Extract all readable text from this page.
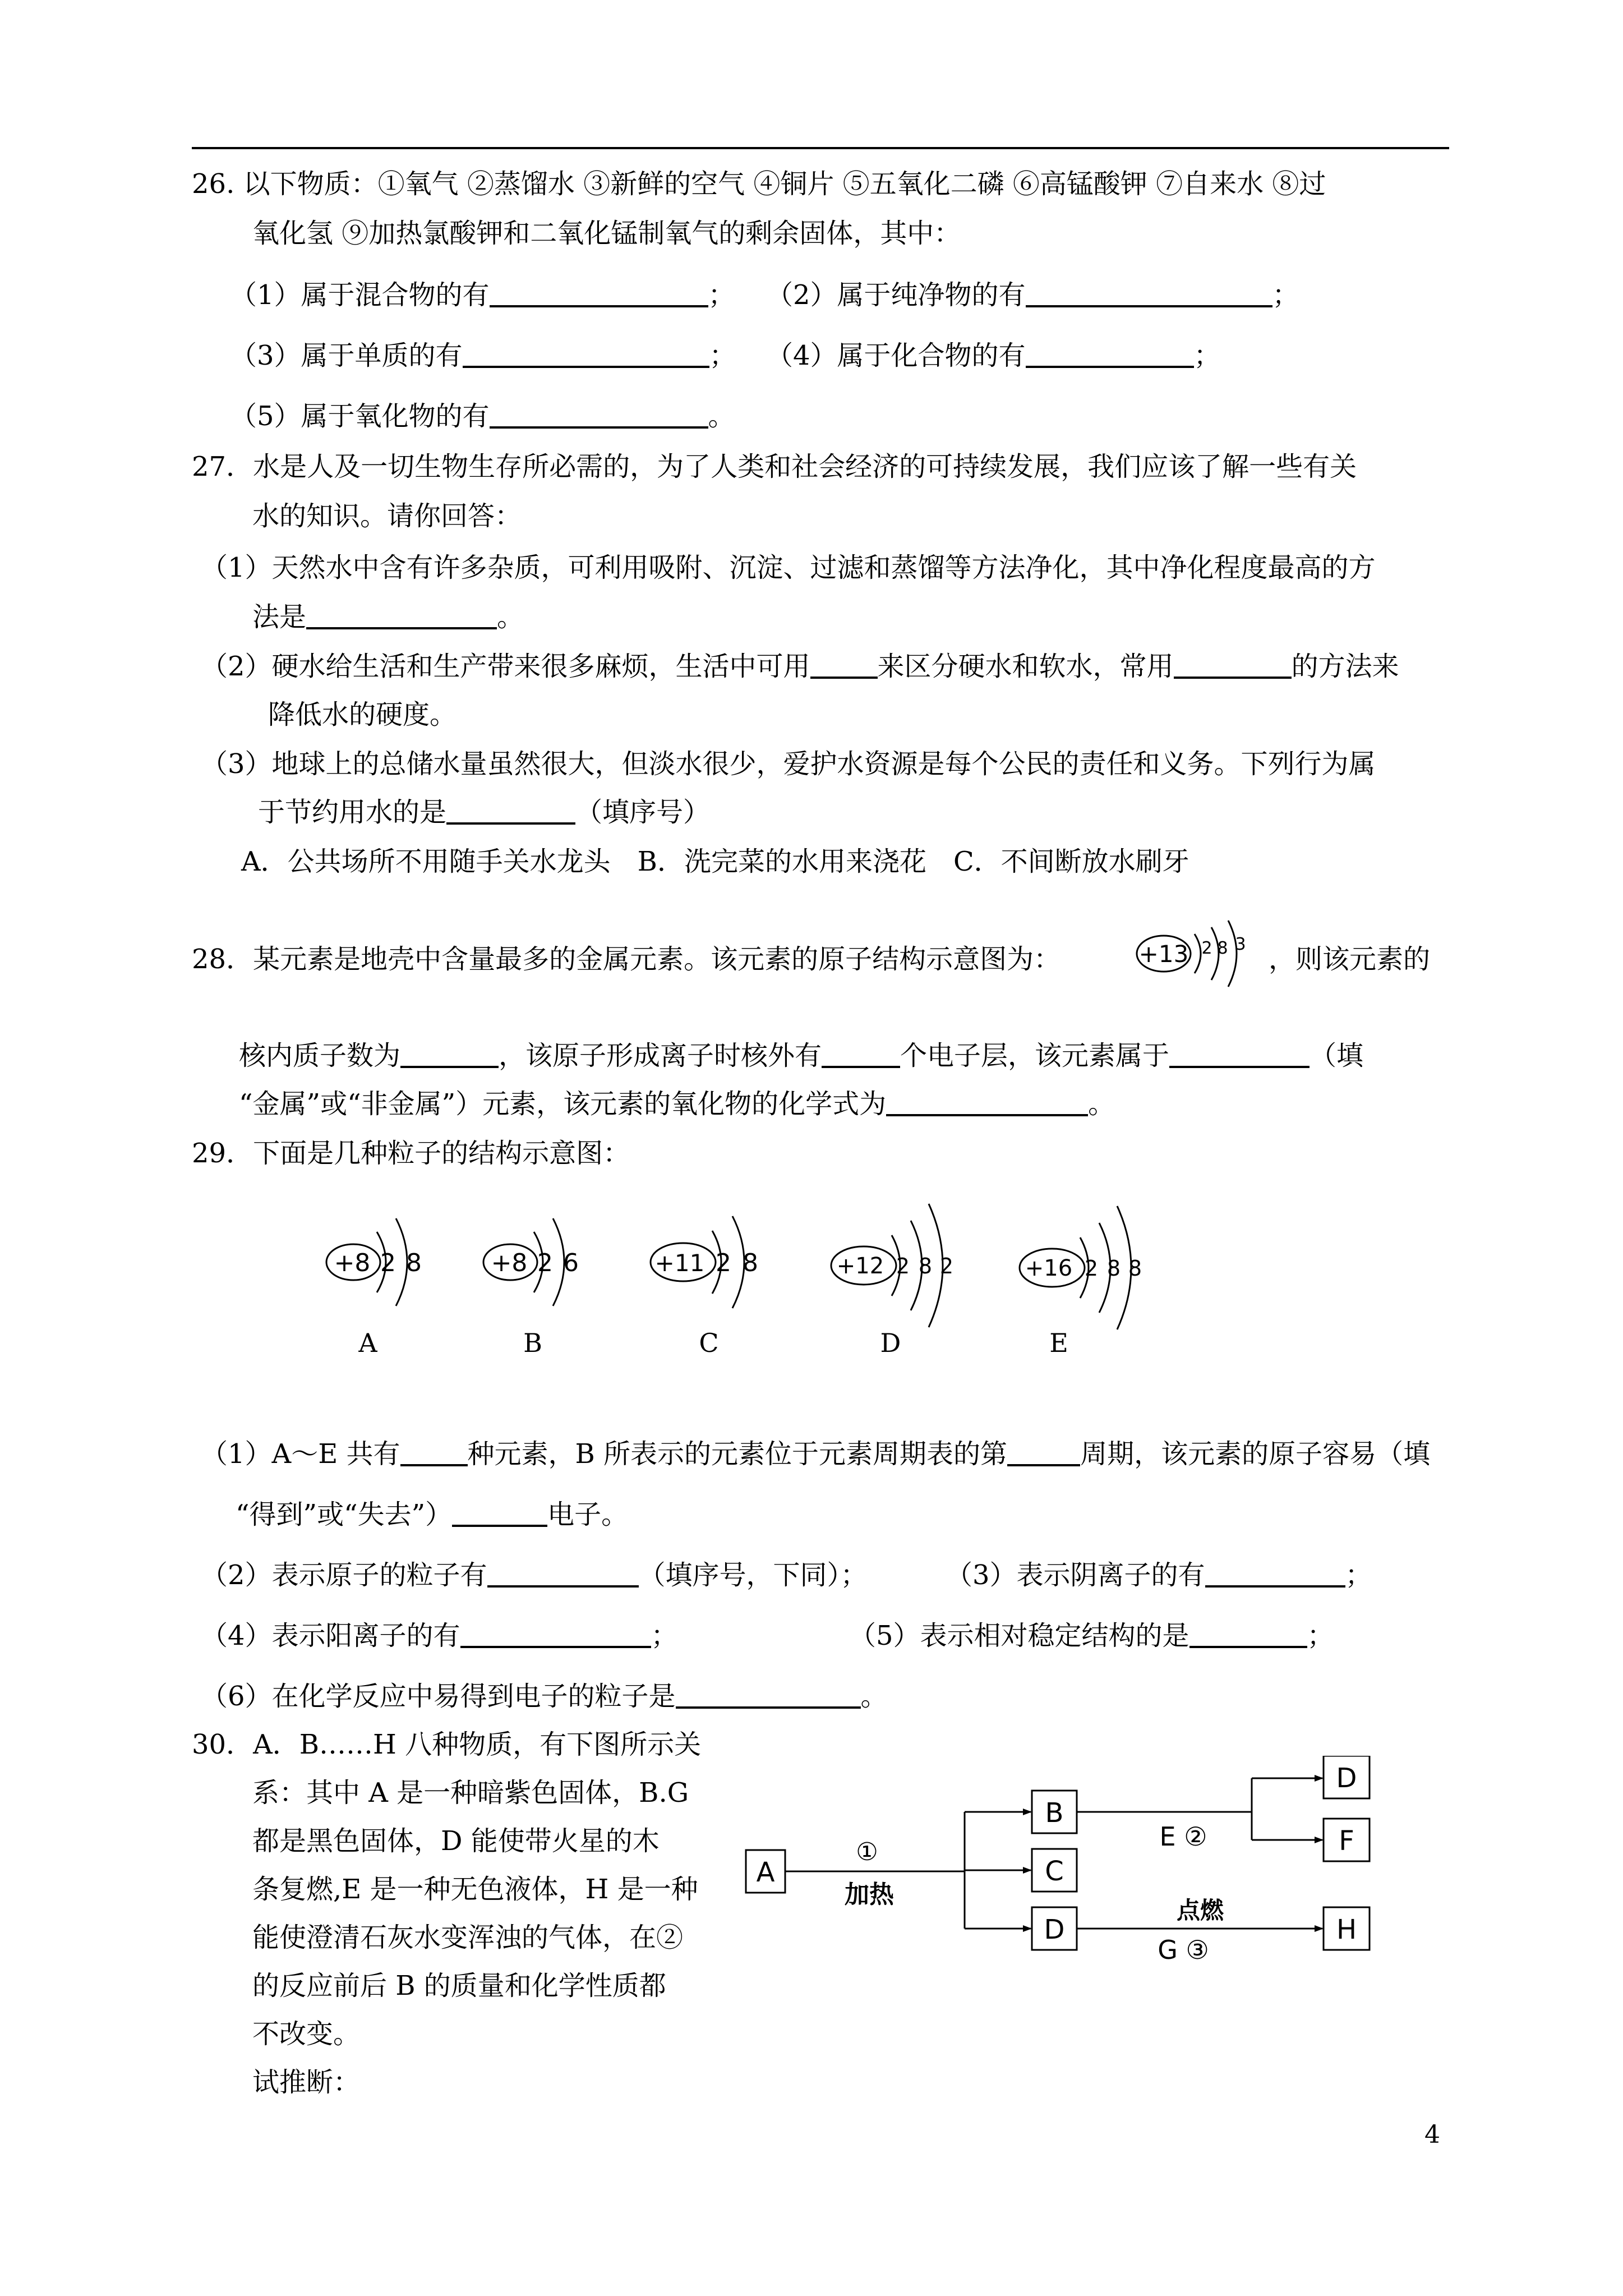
26. 以下物质：①氧气 ②蒸馏水 ③新鲜的空气 ④铜片 ⑤五氧化二磷 ⑥高锰酸钾 ⑦自来水 ⑧过
氧化氢 ⑨加热氯酸钾和二氧化锰制氧气的剩余固体，其中：
（1）属于混合物的有	； （2）属于纯净物的有	；
（3）属于单质的有	； （4）属于化合物的有	；
（5）属于氧化物的有	。
27．水是人及一切生物生存所必需的，为了人类和社会经济的可持续发展，我们应该了解一些有关
水的知识。请你回答：
（1）天然水中含有许多杂质，可利用吸附、沉淀、过滤和蒸馏等方法净化，其中净化程度最高的方
法是	。
（2）硬水给生活和生产带来很多麻烦，生活中可用	来区分硬水和软水，常用	的方法来
降低水的硬度。
（3）地球上的总储水量虽然很大，但淡水很少，爱护水资源是每个公民的责任和义务。下列行为属
于节约用水的是	（填序号）
A．公共场所不用随手关水龙头　B．洗完菜的水用来浇花　C．不间断放水刷牙
28．某元素是地壳中含量最多的金属元素。该元素的原子结构示意图为：	+13 2 8 3 ，则该元素的
核内质子数为	，该原子形成离子时核外有	个电子层，该元素属于	（填
“金属”或“非金属”）元素，该元素的氧化物的化学式为	。
29．下面是几种粒子的结构示意图：
+8 2 8
A
+8 2 6
B
+11 2 8
C
+12 2 8 2
D
+16 2 8 8
E
（1）A～E 共有	种元素，B 所表示的元素位于元素周期表的第	周期，该元素的原子容易（填
“得到”或“失去”）	电子。
（2）表示原子的粒子有	（填序号，下同）；	（3）表示阴离子的有	；
（4）表示阳离子的有	；	（5）表示相对稳定结构的是	；
（6）在化学反应中易得到电子的粒子是	。
30．A．B……H 八种物质，有下图所示关
系：其中 A 是一种暗紫色固体，B.G
都是黑色固体，D 能使带火星的木
条复燃,E 是一种无色液体，H 是一种
能使澄清石灰水变浑浊的气体，在②
的反应前后 B 的质量和化学性质都
不改变。
试推断：
A
B
C
D
D
F
H
①
加热
E ②
点燃
G ③
4
